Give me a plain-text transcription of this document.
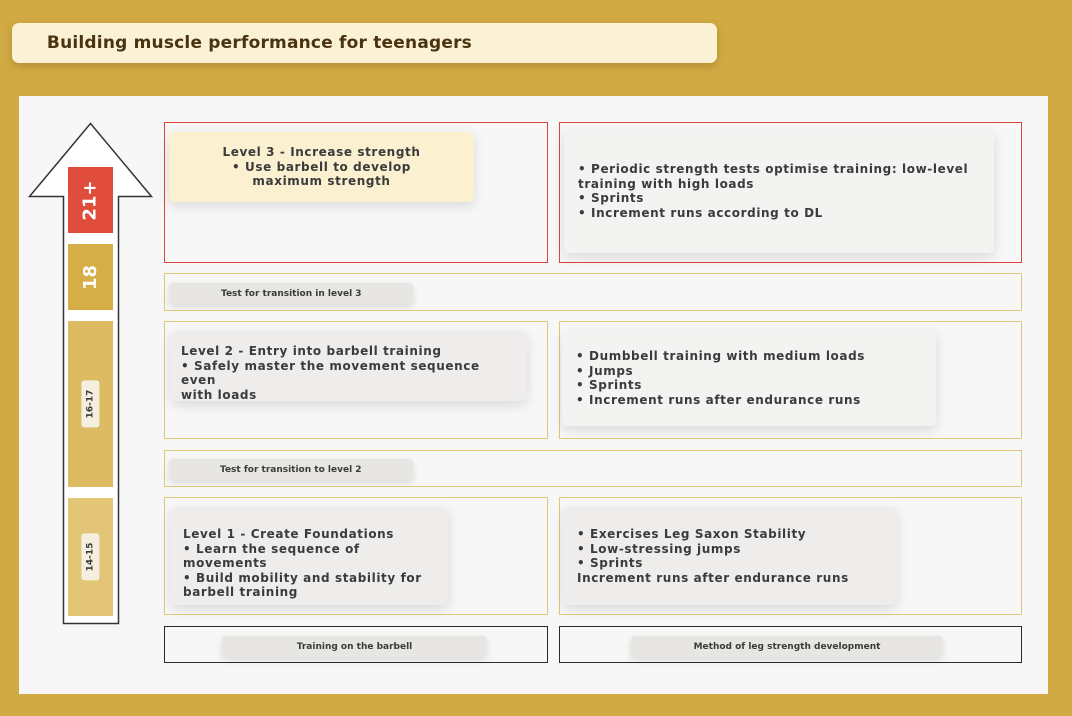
Building muscle performance for teenagers
21+
18
16-17
14-15
Level 3 - Increase strength
• Use barbell to develop
maximum strength
• Periodic strength tests optimise training: low-level
training with high loads
• Sprints
• Increment runs according to DL
Test for transition in level 3
Level 2 - Entry into barbell training
• Safely master the movement sequence even
with loads
• Dumbbell training with medium loads
• Jumps
• Sprints
• Increment runs after endurance runs
Test for transition to level 2
Level 1 - Create Foundations
• Learn the sequence of movements
• Build mobility and stability for
barbell training
• Exercises Leg Saxon Stability
• Low-stressing jumps
• Sprints
Increment runs after endurance runs
Training on the barbell	Method of leg strength development
